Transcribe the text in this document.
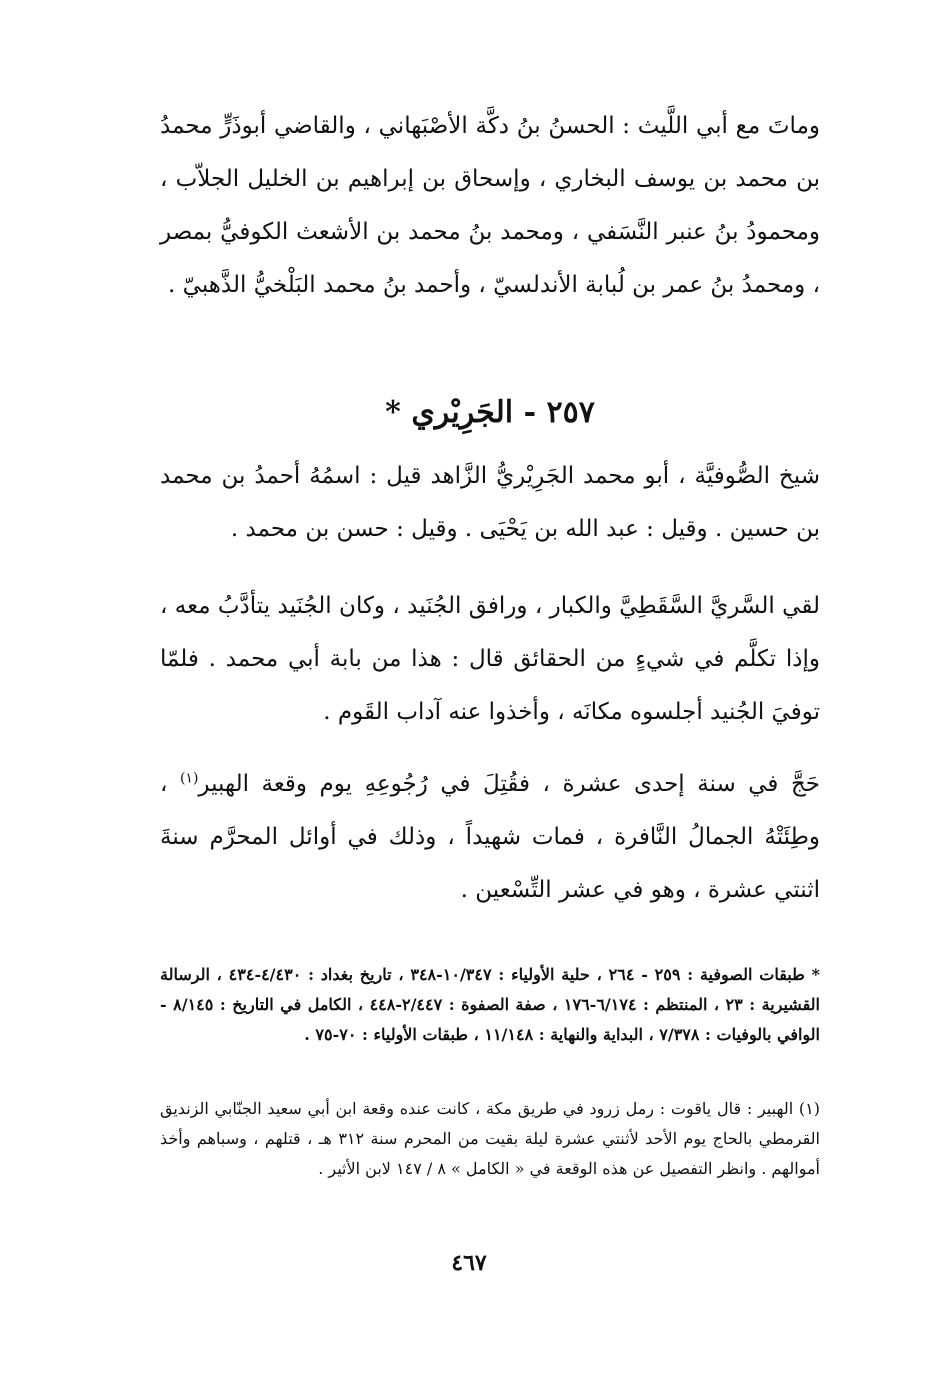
وماتَ مع أبي اللَّيث : الحسنُ بنُ دكَّة الأصْبَهاني ، والقاضي أبوذَرٍّ محمدُ بن محمد بن يوسف البخاري ، وإسحاق بن إبراهيم بن الخليل الجلاّب ، ومحمودُ بنُ عنبر النَّسَفي ، ومحمد بنُ محمد بن الأشعث الكوفيُّ بمصر ، ومحمدُ بنُ عمر بن لُبابة الأندلسيّ ، وأحمد بنُ محمد البَلْخيُّ الذَّهبيّ .

٢٥٧ - الجَرِيْري *

شيخ الصُّوفيَّة ، أبو محمد الجَرِيْريُّ الزَّاهد قيل : اسمُهُ أحمدُ بن محمد بن حسين . وقيل : عبد الله بن يَحْيَى . وقيل : حسن بن محمد .

لقي السَّريَّ السَّقَطِيَّ والكبار ، ورافق الجُنَيد ، وكان الجُنَيد يتأدَّبُ معه ، وإذا تكلَّم في شيءٍ من الحقائق قال : هذا من بابة أبي محمد . فلمّا توفيَ الجُنيد أجلسوه مكانَه ، وأخذوا عنه آداب القَوم .

حَجَّ في سنة إحدى عشرة ، فقُتِلَ في رُجُوعِهِ يوم وقعة الهبير$^{(١)}$ ، وطِئَتْهُ الجمالُ النَّافرة ، فمات شهيداً ، وذلك في أوائل المحرَّم سنةَ اثنتي عشرة ، وهو في عشر التِّسْعين .

* طبقات الصوفية : ٢٥٩ - ٢٦٤ ، حلية الأولياء : ١٠/٣٤٧-٣٤٨ ، تاريخ بغداد : ٤/٤٣٠-٤٣٤ ، الرسالة القشيرية : ٢٣ ، المنتظم : ٦/١٧٤-١٧٦ ، صفة الصفوة : ٢/٤٤٧-٤٤٨ ، الكامل في التاريخ : ٨/١٤٥ - الوافي بالوفيات : ٧/٣٧٨ ، البداية والنهاية : ١١/١٤٨ ، طبقات الأولياء : ٧٠-٧٥ .

(١) الهبير : قال ياقوت : رمل زرود في طريق مكة ، كانت عنده وقعة ابن أبي سعيد الجنّابي الزنديق القرمطي بالحاج يوم الأحد لأثنتي عشرة ليلة بقيت من المحرم سنة ٣١٢ هـ ، قتلهم ، وسباهم وأخذ أموالهم . وانظر التفصيل عن هذه الوقعة في « الكامل » ٨ / ١٤٧ لابن الأثير .

٤٦٧
